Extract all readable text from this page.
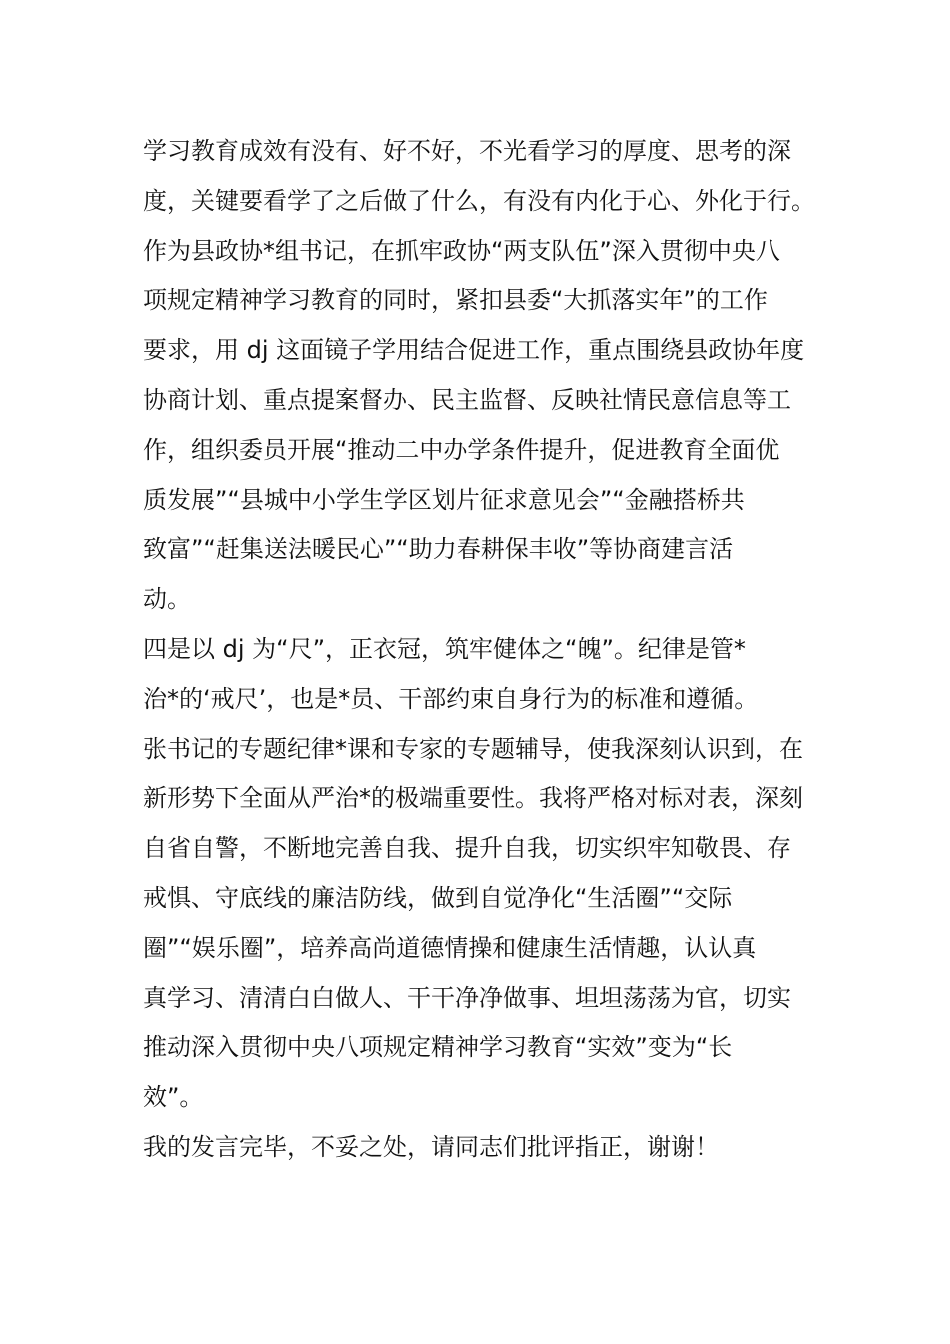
学习教育成效有没有、好不好，不光看学习的厚度、思考的深
度，关键要看学了之后做了什么，有没有内化于心、外化于行。
作为县政协*组书记，在抓牢政协“两支队伍”深入贯彻中央八
项规定精神学习教育的同时，紧扣县委“大抓落实年”的工作
要求，用 dj 这面镜子学用结合促进工作，重点围绕县政协年度
协商计划、重点提案督办、民主监督、反映社情民意信息等工
作，组织委员开展“推动二中办学条件提升，促进教育全面优
质发展”“县城中小学生学区划片征求意见会”“金融搭桥共
致富”“赶集送法暖民心”“助力春耕保丰收”等协商建言活
动。
四是以 dj 为“尺”，正衣冠，筑牢健体之“魄”。纪律是管*
治*的‘戒尺’，也是*员、干部约束自身行为的标准和遵循。
张书记的专题纪律*课和专家的专题辅导，使我深刻认识到，在
新形势下全面从严治*的极端重要性。我将严格对标对表，深刻
自省自警，不断地完善自我、提升自我，切实织牢知敬畏、存
戒惧、守底线的廉洁防线，做到自觉净化“生活圈”“交际
圈”“娱乐圈”，培养高尚道德情操和健康生活情趣，认认真
真学习、清清白白做人、干干净净做事、坦坦荡荡为官，切实
推动深入贯彻中央八项规定精神学习教育“实效”变为“长
效”。
我的发言完毕，不妥之处，请同志们批评指正，谢谢！
